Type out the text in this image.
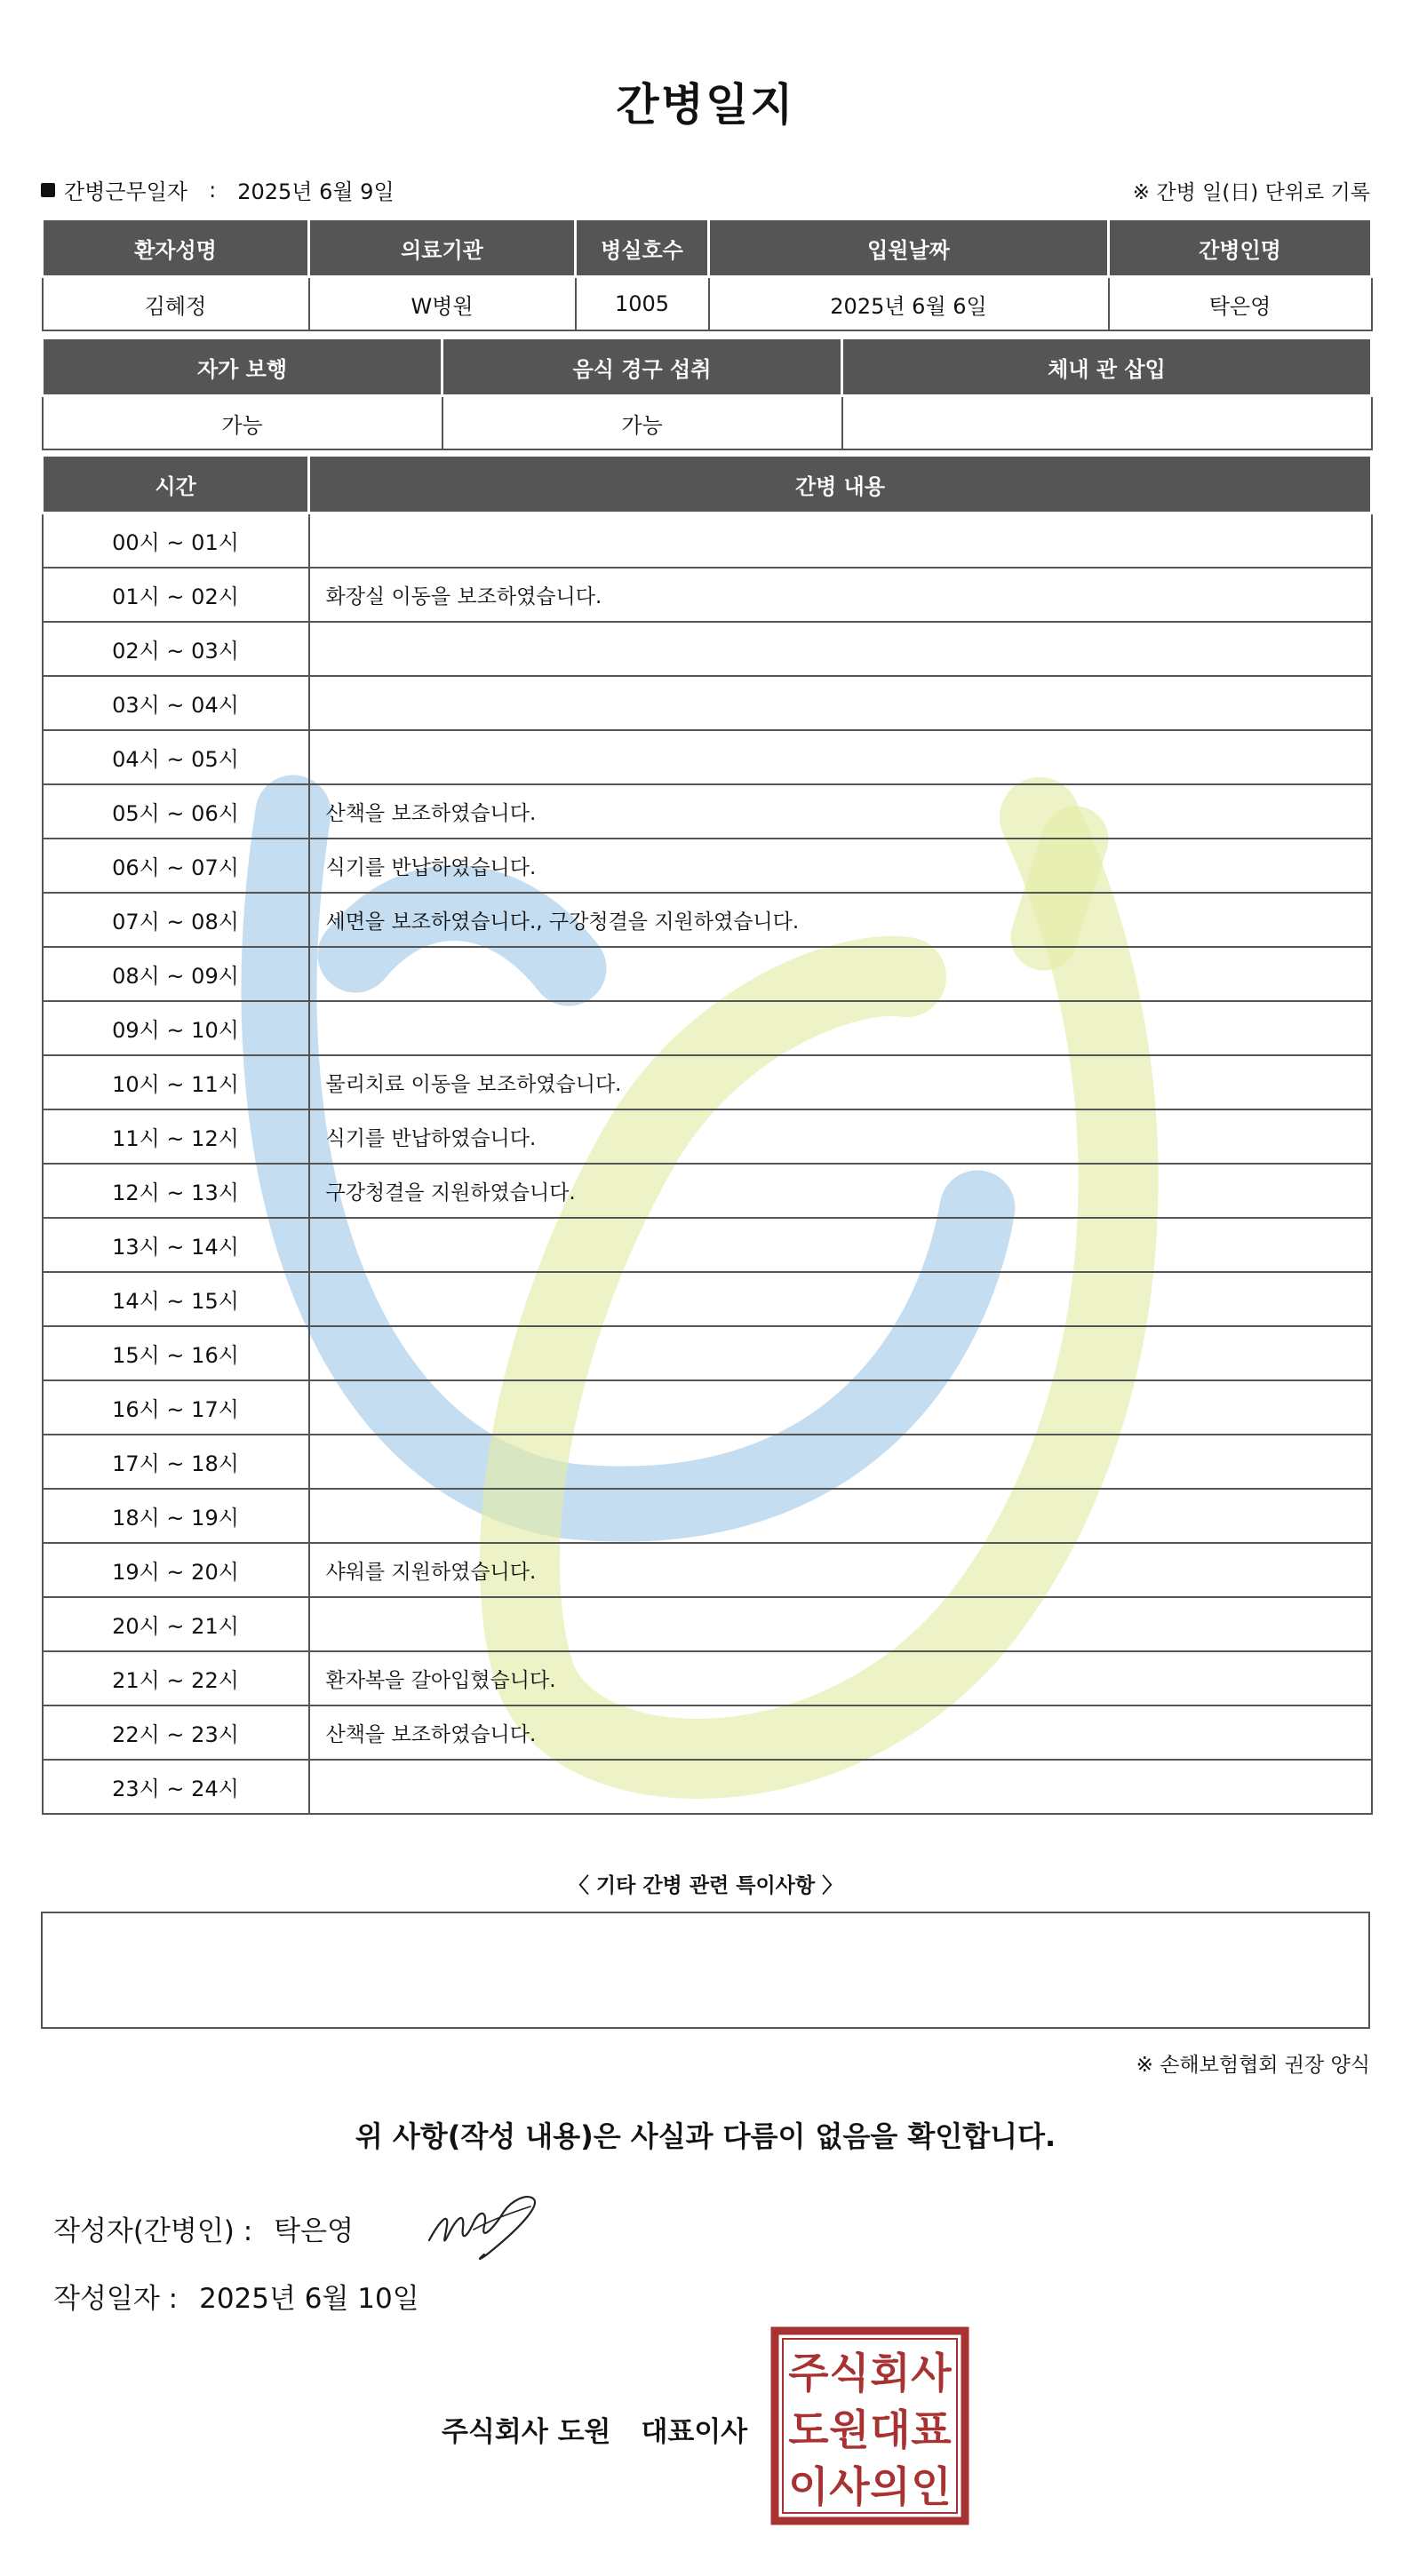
간병일지
간병근무일자 : 2025년 6월 9일	※ 간병 일(日) 단위로 기록
환자성명	의료기관	병실호수	입원날짜	간병인명
김혜정	W병원	1005	2025년 6월 6일	탁은영
자가 보행	음식 경구 섭취	체내 관 삽입
가능	가능	
시간	간병 내용
00시 ~ 01시	
01시 ~ 02시	화장실 이동을 보조하였습니다.
02시 ~ 03시	
03시 ~ 04시	
04시 ~ 05시	
05시 ~ 06시	산책을 보조하였습니다.
06시 ~ 07시	식기를 반납하였습니다.
07시 ~ 08시	세면을 보조하였습니다., 구강청결을 지원하였습니다.
08시 ~ 09시	
09시 ~ 10시	
10시 ~ 11시	물리치료 이동을 보조하였습니다.
11시 ~ 12시	식기를 반납하였습니다.
12시 ~ 13시	구강청결을 지원하였습니다.
13시 ~ 14시	
14시 ~ 15시	
15시 ~ 16시	
16시 ~ 17시	
17시 ~ 18시	
18시 ~ 19시	
19시 ~ 20시	샤워를 지원하였습니다.
20시 ~ 21시	
21시 ~ 22시	환자복을 갈아입혔습니다.
22시 ~ 23시	산책을 보조하였습니다.
23시 ~ 24시	
〈 기타 간병 관련 특이사항 〉
※ 손해보험협회 권장 양식
위 사항(작성 내용)은 사실과 다름이 없음을 확인합니다.
작성자(간병인) : 탁은영
작성일자 : 2025년 6월 10일
주식회사 도원 대표이사
주 식 회 사
도 원 대 표
이 사 의 인
